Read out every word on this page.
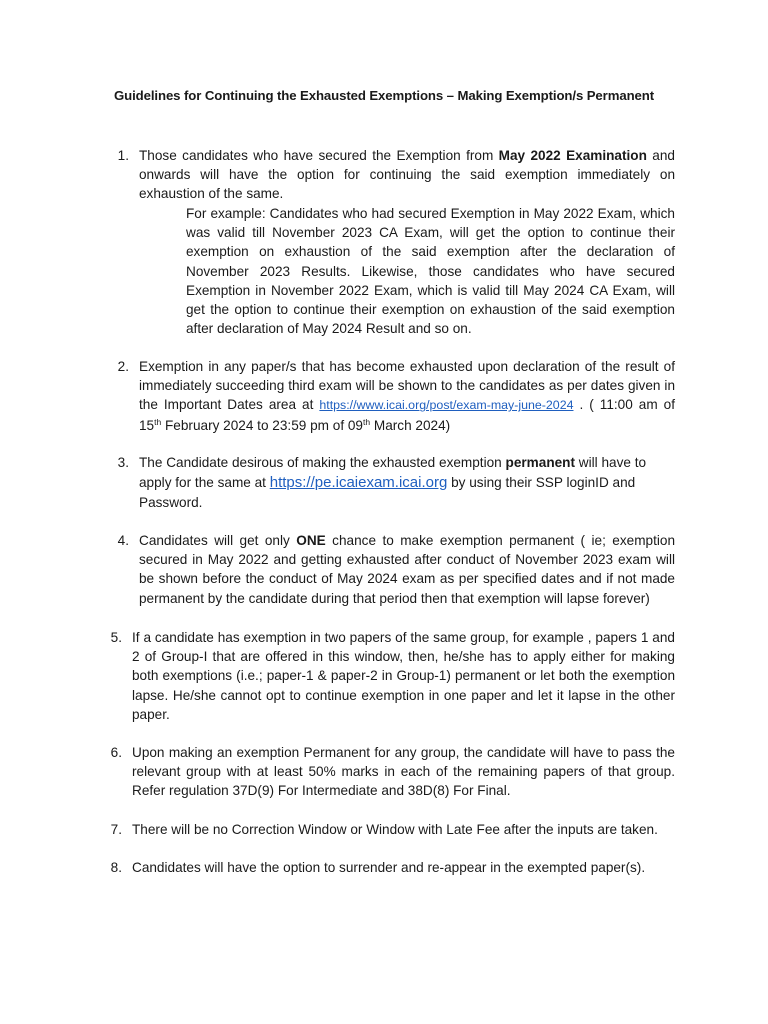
Guidelines for Continuing the Exhausted Exemptions – Making Exemption/s Permanent
1. Those candidates who have secured the Exemption from May 2022 Examination and onwards will have the option for continuing the said exemption immediately on exhaustion of the same.
For example: Candidates who had secured Exemption in May 2022 Exam, which was valid till November 2023 CA Exam, will get the option to continue their exemption on exhaustion of the said exemption after the declaration of November 2023 Results. Likewise, those candidates who have secured Exemption in November 2022 Exam, which is valid till May 2024 CA Exam, will get the option to continue their exemption on exhaustion of the said exemption after declaration of May 2024 Result and so on.
2. Exemption in any paper/s that has become exhausted upon declaration of the result of immediately succeeding third exam will be shown to the candidates as per dates given in the Important Dates area at https://www.icai.org/post/exam-may-june-2024 . ( 11:00 am of 15th February 2024 to 23:59 pm of 09th March 2024)
3. The Candidate desirous of making the exhausted exemption permanent will have to apply for the same at https://pe.icaiexam.icai.org by using their SSP loginID and Password.
4. Candidates will get only ONE chance to make exemption permanent ( ie; exemption secured in May 2022 and getting exhausted after conduct of November 2023 exam will be shown before the conduct of May 2024 exam as per specified dates and if not made permanent by the candidate during that period then that exemption will lapse forever)
5. If a candidate has exemption in two papers of the same group, for example , papers 1 and 2 of Group-I that are offered in this window, then, he/she has to apply either for making both exemptions (i.e.; paper-1 & paper-2 in Group-1) permanent or let both the exemption lapse. He/she cannot opt to continue exemption in one paper and let it lapse in the other paper.
6. Upon making an exemption Permanent for any group, the candidate will have to pass the relevant group with at least 50% marks in each of the remaining papers of that group. Refer regulation 37D(9) For Intermediate and 38D(8) For Final.
7. There will be no Correction Window or Window with Late Fee after the inputs are taken.
8. Candidates will have the option to surrender and re-appear in the exempted paper(s).
